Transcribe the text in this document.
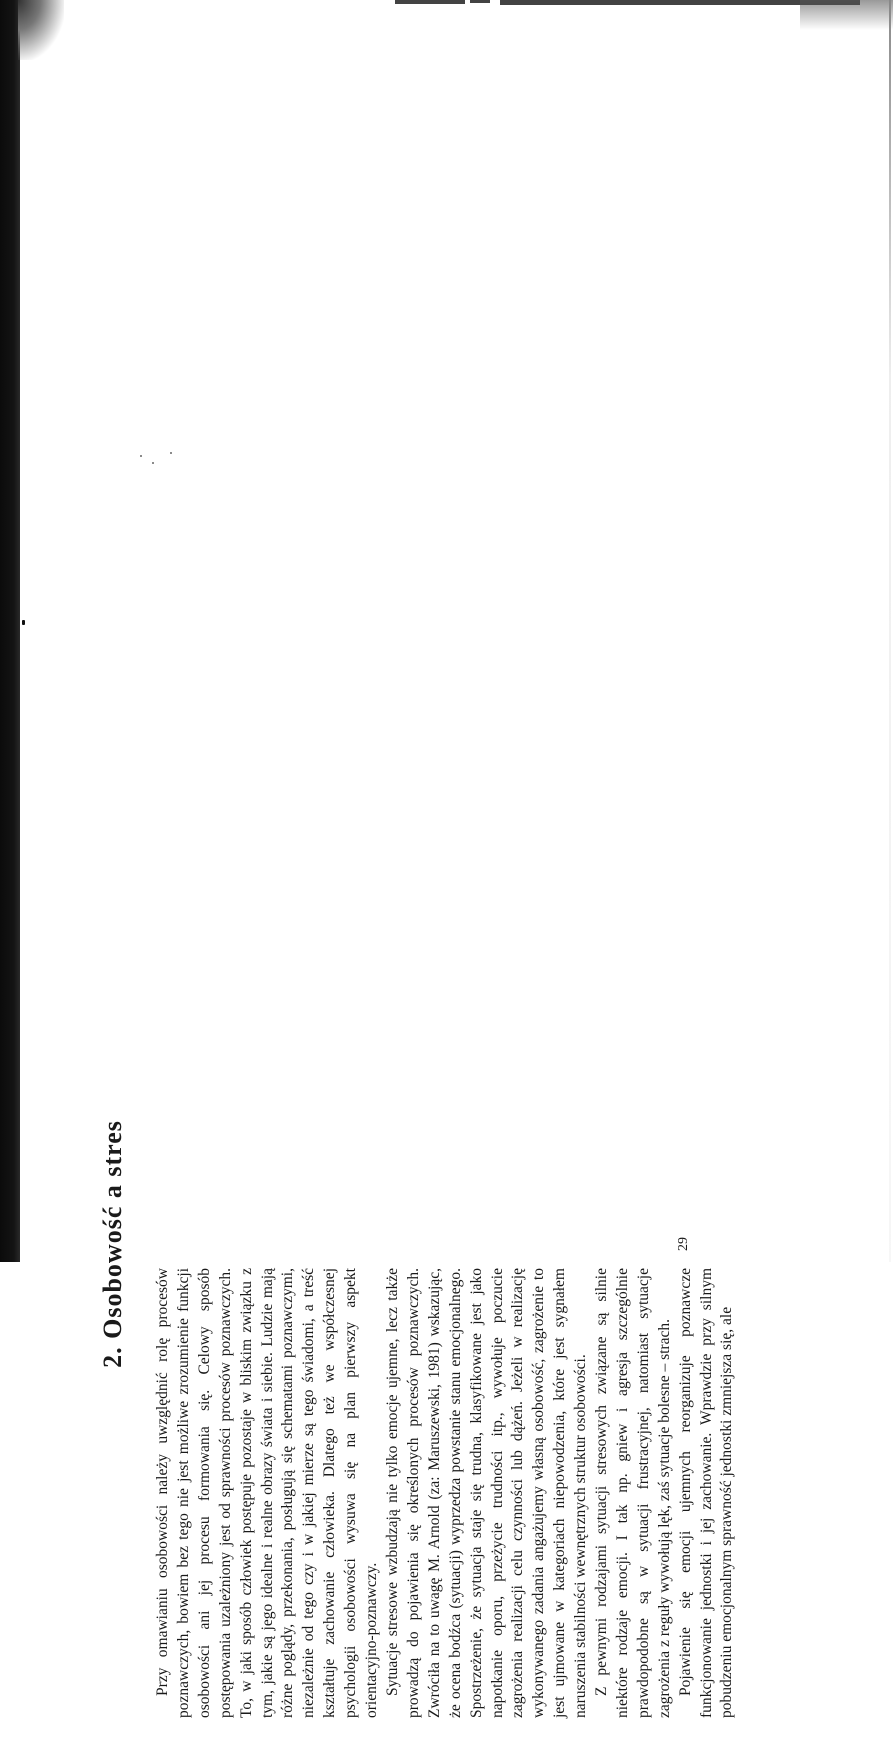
2. Osobowość a stres

Przy omawianiu osobowości należy uwzględnić rolę procesów poznawczych, bowiem bez tego nie jest możliwe zrozumienie funkcji osobowości ani jej procesu formowania się. Celowy sposób postępowania uzależniony jest od sprawności procesów poznawczych. To, w jaki sposób człowiek postępuje pozostaje w bliskim związku z tym, jakie są jego idealne i realne obrazy świata i siebie. Ludzie mają różne poglądy, przekonania, posługują się schematami poznawczymi, niezależnie od tego czy i w jakiej mierze są tego świadomi, a treść kształtuje zachowanie człowieka. Dlatego też we współczesnej psychologii osobowości wysuwa się na plan pierwszy aspekt orientacyjno-poznawczy. Sytuacje stresowe wzbudzają nie tylko emocje ujemne, lecz także prowadzą do pojawienia się określonych procesów poznawczych. Zwróciła na to uwagę M. Arnold (za: Maruszewski, 1981) wskazując, że ocena bodźca (sytuacji) wyprzedza powstanie stanu emocjonalnego. Spostrzeżenie, że sytuacja staje się trudna, klasyfikowane jest jako napotkanie oporu, przeżycie trudności itp., wywołuje poczucie zagrożenia realizacji celu czynności lub dążeń. Jeżeli w realizację wykonywanego zadania angażujemy własną osobowość, zagrożenie to jest ujmowane w kategoriach niepowodzenia, które jest sygnałem naruszenia stabilności wewnętrznych struktur osobowości. Z pewnymi rodzajami sytuacji stresowych związane są silnie niektóre rodzaje emocji. I tak np. gniew i agresja szczególnie prawdopodobne są w sytuacji frustracyjnej, natomiast sytuacje zagrożenia z reguły wywołują lęk, zaś sytuacje bolesne – strach. Pojawienie się emocji ujemnych reorganizuje poznawcze funkcjonowanie jednostki i jej zachowanie. Wprawdzie przy silnym pobudzeniu emocjonalnym sprawność jednostki zmniejsza się, ale

29
